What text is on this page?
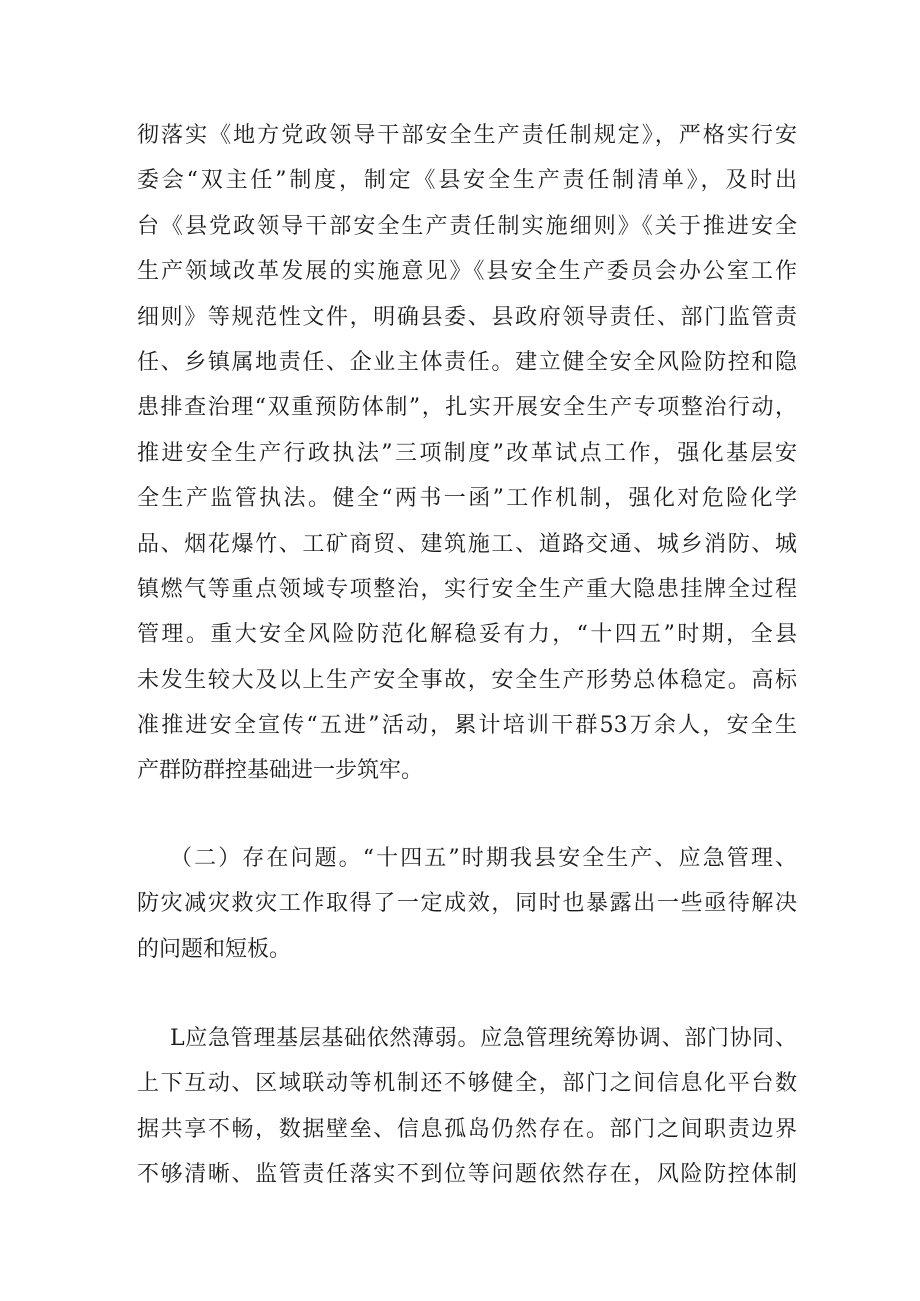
彻落实《地方党政领导干部安全生产责任制规定》，严格实行安
委会“双主任”制度，制定《县安全生产责任制清单》，及时出
台《县党政领导干部安全生产责任制实施细则》《关于推进安全
生产领域改革发展的实施意见》《县安全生产委员会办公室工作
细则》等规范性文件，明确县委、县政府领导责任、部门监管责
任、乡镇属地责任、企业主体责任。建立健全安全风险防控和隐
患排查治理“双重预防体制”，扎实开展安全生产专项整治行动，
推进安全生产行政执法”三项制度”改革试点工作，强化基层安
全生产监管执法。健全“两书一函”工作机制，强化对危险化学
品、烟花爆竹、工矿商贸、建筑施工、道路交通、城乡消防、城
镇燃气等重点领域专项整治，实行安全生产重大隐患挂牌全过程
管理。重大安全风险防范化解稳妥有力，“十四五”时期，全县
未发生较大及以上生产安全事故，安全生产形势总体稳定。高标
准推进安全宣传“五进”活动，累计培训干群53万余人，安全生
产群防群控基础进一步筑牢。
（二）存在问题。“十四五”时期我县安全生产、应急管理、
防灾减灾救灾工作取得了一定成效，同时也暴露出一些亟待解决
的问题和短板。
L应急管理基层基础依然薄弱。应急管理统筹协调、部门协同、
上下互动、区域联动等机制还不够健全，部门之间信息化平台数
据共享不畅，数据壁垒、信息孤岛仍然存在。部门之间职责边界
不够清晰、监管责任落实不到位等问题依然存在，风险防控体制
